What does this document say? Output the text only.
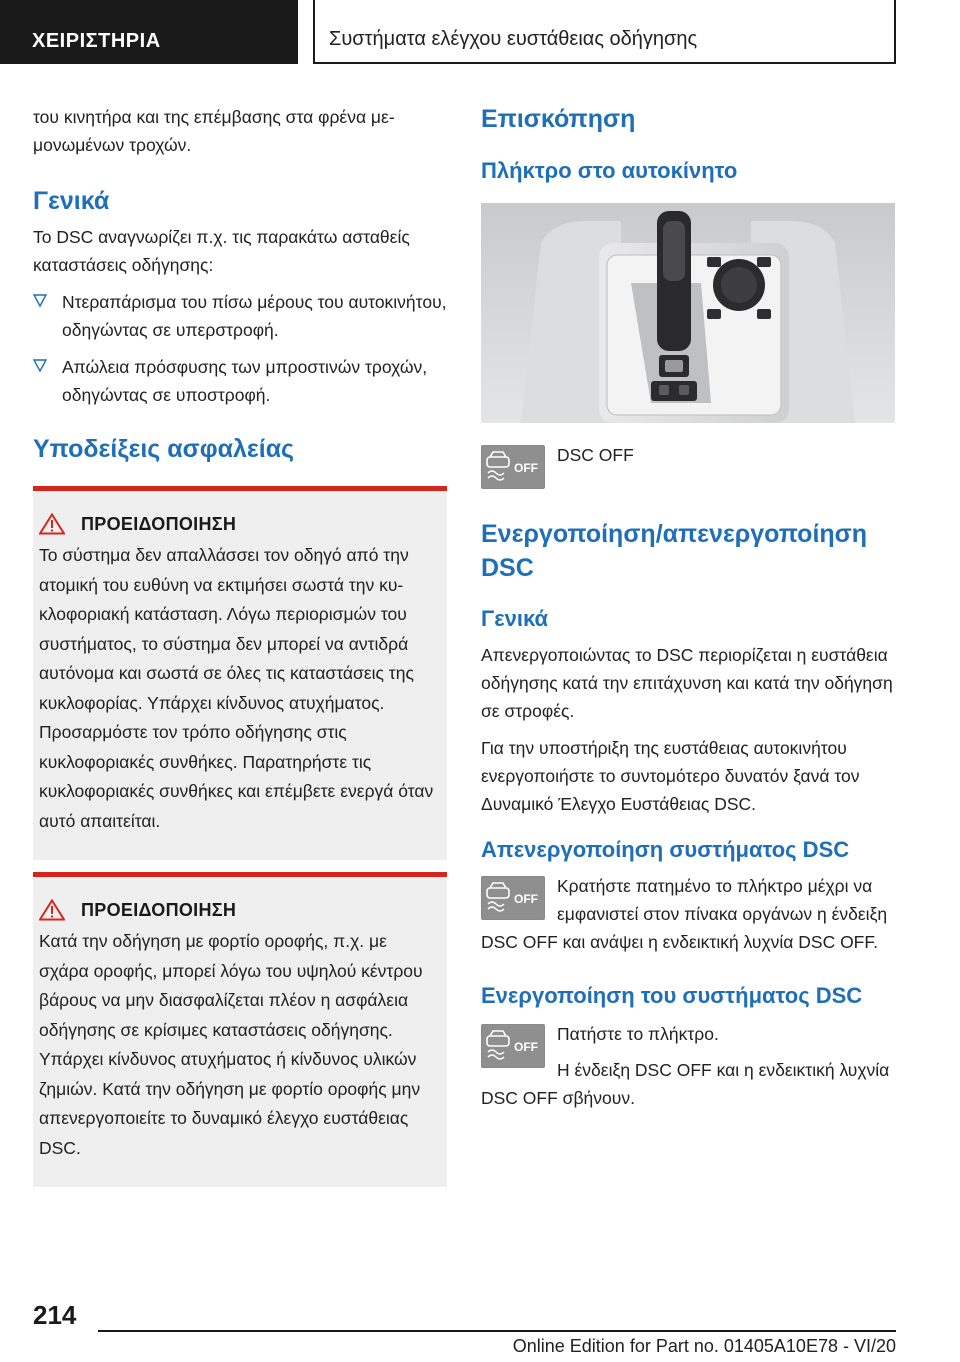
ΧΕΙΡΙΣΤΗΡΙΑ	Συστήματα ελέγχου ευστάθειας οδήγησης

του κινητήρα και της επέμβασης στα φρένα μεμονωμένων τροχών.

Γενικά

Το DSC αναγνωρίζει π.χ. τις παρακάτω ασταθείς καταστάσεις οδήγησης:

Ντεραπάρισμα του πίσω μέρους του αυτοκινήτου, οδηγώντας σε υπερστροφή.
Απώλεια πρόσφυσης των μπροστινών τροχών, οδηγώντας σε υποστροφή.
Υποδείξεις ασφαλείας
ΠΡΟΕΙΔΟΠΟΙΗΣΗ

Το σύστημα δεν απαλλάσσει τον οδηγό από την ατομική του ευθύνη να εκτιμήσει σωστά την κυκλοφοριακή κατάσταση. Λόγω περιορισμών του συστήματος, το σύστημα δεν μπορεί να αντιδρά αυτόνομα και σωστά σε όλες τις καταστάσεις της κυκλοφορίας. Υπάρχει κίνδυνος ατυχήματος. Προσαρμόστε τον τρόπο οδήγησης στις κυκλοφοριακές συνθήκες. Παρατηρήστε τις κυκλοφοριακές συνθήκες και επέμβετε ενεργά όταν αυτό απαιτείται.

ΠΡΟΕΙΔΟΠΟΙΗΣΗ

Κατά την οδήγηση με φορτίο οροφής, π.χ. με σχάρα οροφής, μπορεί λόγω του υψηλού κέντρου βάρους να μην διασφαλίζεται πλέον η ασφάλεια οδήγησης σε κρίσιμες καταστάσεις οδήγησης. Υπάρχει κίνδυνος ατυχήματος ή κίνδυνος υλικών ζημιών. Κατά την οδήγηση με φορτίο οροφής μην απενεργοποιείτε το δυναμικό έλεγχο ευστάθειας DSC.

Επισκόπηση
Πλήκτρο στο αυτοκίνητο
OFF

DSC OFF

Ενεργοποίηση/απενεργοποίηση DSC
Γενικά

Απενεργοποιώντας το DSC περιορίζεται η ευστάθεια οδήγησης κατά την επιτάχυνση και κατά την οδήγηση σε στροφές.

Για την υποστήριξη της ευστάθειας αυτοκινήτου ενεργοποιήστε το συντομότερο δυνατόν ξανά τον Δυναμικό Έλεγχο Ευστάθειας DSC.

Απενεργοποίηση συστήματος DSC
OFF

Κρατήστε πατημένο το πλήκτρο μέχρι να εμφανιστεί στον πίνακα οργάνων η ένδειξη DSC OFF και ανάψει η ενδεικτική λυχνία DSC OFF.

Ενεργοποίηση του συστήματος DSC
OFF

Πατήστε το πλήκτρο.

Η ένδειξη DSC OFF και η ενδεικτική λυχνία DSC OFF σβήνουν.

214
Online Edition for Part no. 01405A10E78 - VI/20
